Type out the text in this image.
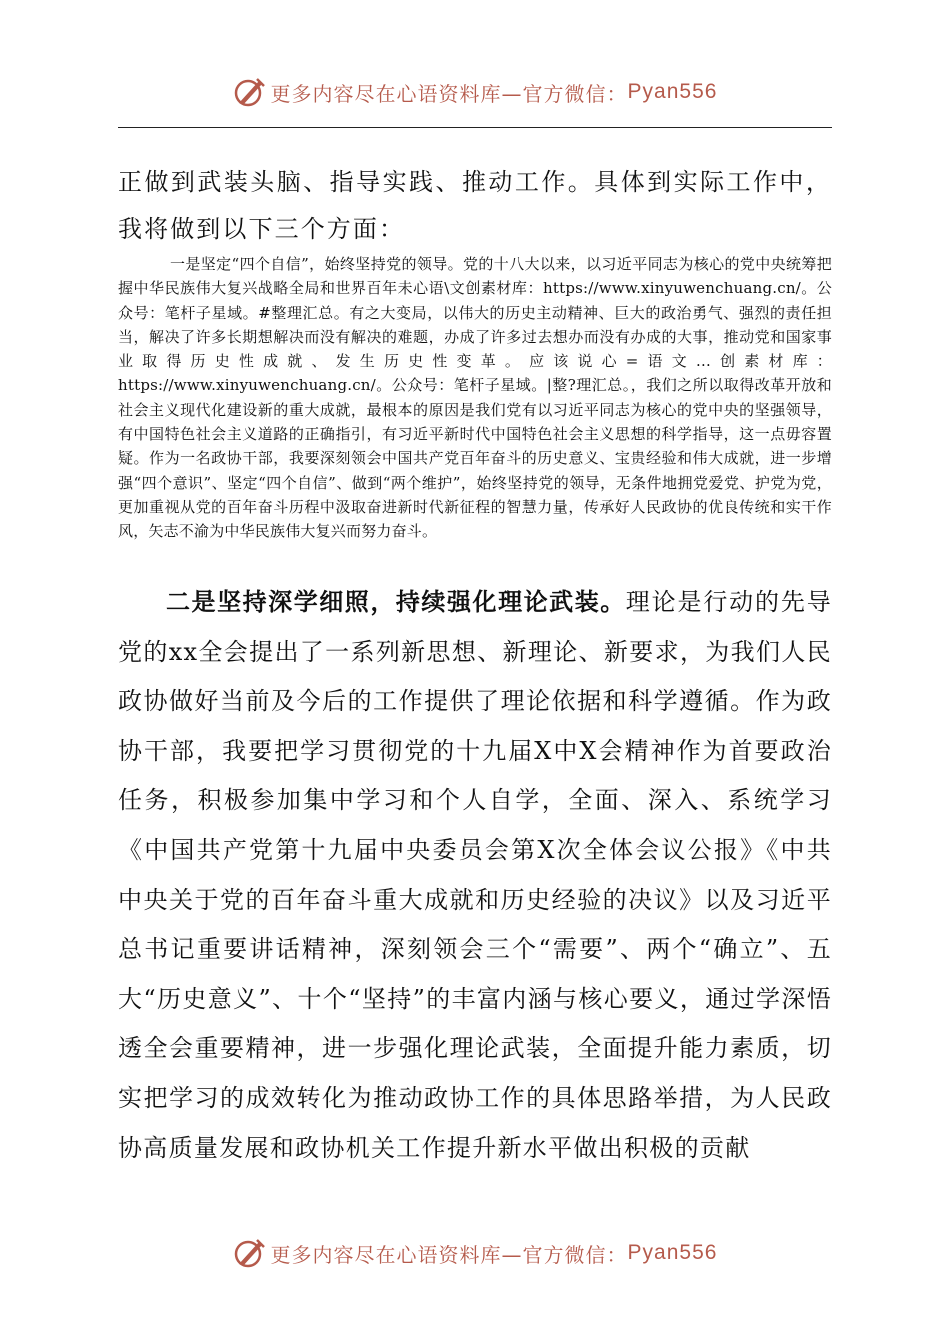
更多内容尽在心语资料库—官方微信： Pyan556

正做到武装头脑、指导实践、推动工作。具体到实际工作中，我将做到以下三个方面：

一是坚定“四个自信”，始终坚持党的领导。党的十八大以来，以习近平同志为核心的党中央统筹把握中华民族伟大复兴战略全局和世界百年未心语\文创素材库：https://www.xinyuwenchuang.cn/。公众号：笔杆子星域。#整理汇总。有之大变局，以伟大的历史主动精神、巨大的政治勇气、强烈的责任担当，解决了许多长期想解决而没有解决的难题，办成了许多过去想办而没有办成的大事，推动党和国家事业取得历史性成就、发生历史性变革。应该说心=语文…创素材库：https://www.xinyuwenchuang.cn/。公众号：笔杆子星域。|整?理汇总。，我们之所以取得改革开放和社会主义现代化建设新的重大成就，最根本的原因是我们党有以习近平同志为核心的党中央的坚强领导，有中国特色社会主义道路的正确指引，有习近平新时代中国特色社会主义思想的科学指导，这一点毋容置疑。作为一名政协干部，我要深刻领会中国共产党百年奋斗的历史意义、宝贵经验和伟大成就，进一步增强“四个意识”、坚定“四个自信”、做到“两个维护”，始终坚持党的领导，无条件地拥党爱党、护党为党，更加重视从党的百年奋斗历程中汲取奋进新时代新征程的智慧力量，传承好人民政协的优良传统和实干作风，矢志不渝为中华民族伟大复兴而努力奋斗。

二是坚持深学细照，持续强化理论武装。理论是行动的先导党的xx全会提出了一系列新思想、新理论、新要求，为我们人民政协做好当前及今后的工作提供了理论依据和科学遵循。作为政协干部，我要把学习贯彻党的十九届X中X会精神作为首要政治任务，积极参加集中学习和个人自学，全面、深入、系统学习《中国共产党第十九届中央委员会第X次全体会议公报》《中共中央关于党的百年奋斗重大成就和历史经验的决议》以及习近平总书记重要讲话精神，深刻领会三个“需要”、两个“确立”、五大“历史意义”、十个“坚持”的丰富内涵与核心要义，通过学深悟透全会重要精神，进一步强化理论武装，全面提升能力素质，切实把学习的成效转化为推动政协工作的具体思路举措，为人民政协高质量发展和政协机关工作提升新水平做出积极的贡献

更多内容尽在心语资料库—官方微信： Pyan556
